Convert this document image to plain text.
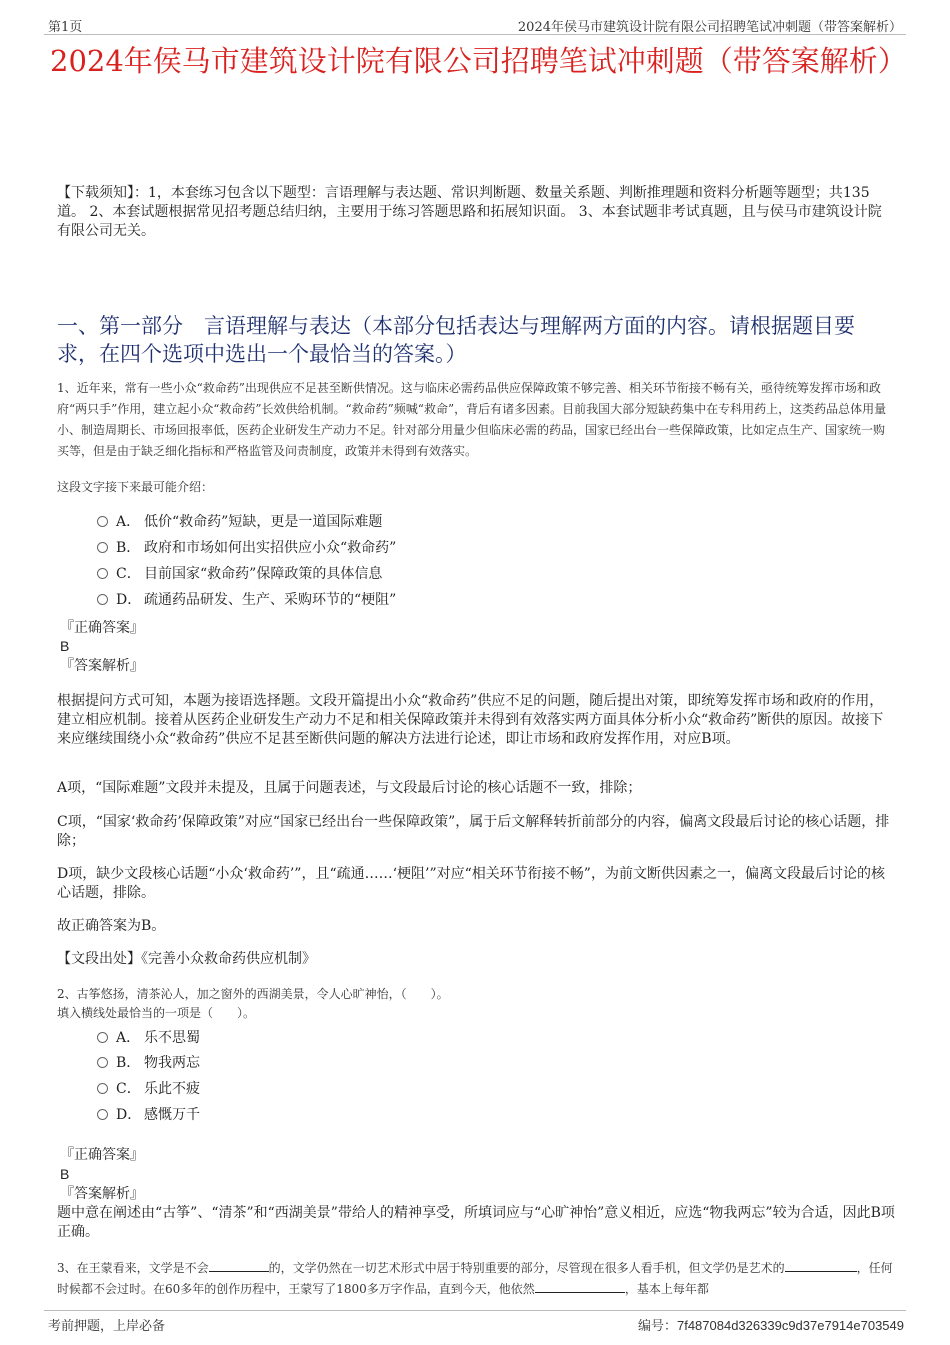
第1页	2024年侯马市建筑设计院有限公司招聘笔试冲刺题（带答案解析）
2024年侯马市建筑设计院有限公司招聘笔试冲刺题（带答案解析）
【下载须知】：1，本套练习包含以下题型：言语理解与表达题、常识判断题、数量关系题、判断推理题和资料分析题等题型；共135道。 2、本套试题根据常见招考题总结归纳，主要用于练习答题思路和拓展知识面。 3、本套试题非考试真题，且与侯马市建筑设计院有限公司无关。
一、第一部分　言语理解与表达（本部分包括表达与理解两方面的内容。请根据题目要求，在四个选项中选出一个最恰当的答案。）
1、近年来，常有一些小众“救命药”出现供应不足甚至断供情况。这与临床必需药品供应保障政策不够完善、相关环节衔接不畅有关，亟待统筹发挥市场和政府“两只手”作用，建立起小众“救命药”长效供给机制。“救命药”频喊“救命”，背后有诸多因素。目前我国大部分短缺药集中在专科用药上，这类药品总体用量小、制造周期长、市场回报率低，医药企业研发生产动力不足。针对部分用量少但临床必需的药品，国家已经出台一些保障政策，比如定点生产、国家统一购买等，但是由于缺乏细化指标和严格监管及问责制度，政策并未得到有效落实。
这段文字接下来最可能介绍：
A． 低价“救命药”短缺，更是一道国际难题
B． 政府和市场如何出实招供应小众“救命药”
C． 目前国家“救命药”保障政策的具体信息
D． 疏通药品研发、生产、采购环节的“梗阻”
『正确答案』
B
『答案解析』
根据提问方式可知，本题为接语选择题。文段开篇提出小众“救命药”供应不足的问题，随后提出对策，即统筹发挥市场和政府的作用，建立相应机制。接着从医药企业研发生产动力不足和相关保障政策并未得到有效落实两方面具体分析小众“救命药”断供的原因。故接下来应继续围绕小众“救命药”供应不足甚至断供问题的解决方法进行论述，即让市场和政府发挥作用，对应B项。
A项，“国际难题”文段并未提及，且属于问题表述，与文段最后讨论的核心话题不一致，排除；
C项，“国家‘救命药’保障政策”对应“国家已经出台一些保障政策”，属于后文解释转折前部分的内容，偏离文段最后讨论的核心话题，排除；
D项，缺少文段核心话题“小众‘救命药’”，且“疏通……‘梗阻’”对应“相关环节衔接不畅”，为前文断供因素之一，偏离文段最后讨论的核心话题，排除。
故正确答案为B。
【文段出处】《完善小众救命药供应机制》
2、古筝悠扬，清茶沁人，加之窗外的西湖美景，令人心旷神怡，（　　）。
填入横线处最恰当的一项是（　　）。
A． 乐不思蜀
B． 物我两忘
C． 乐此不疲
D． 感慨万千
『正确答案』
B
『答案解析』
题中意在阐述由“古筝”、“清茶”和“西湖美景”带给人的精神享受，所填词应与“心旷神怡”意义相近，应选“物我两忘”较为合适，因此B项正确。
3、在王蒙看来，文学是不会	的，文学仍然在一切艺术形式中居于特别重要的部分，尽管现在很多人看手机，但文学仍是艺术的	，任何时候都不会过时。在60多年的创作历程中，王蒙写了1800多万字作品，直到今天，他依然	，基本上每年都
考前押题，上岸必备	编号：7f487084d326339c9d37e7914e703549
